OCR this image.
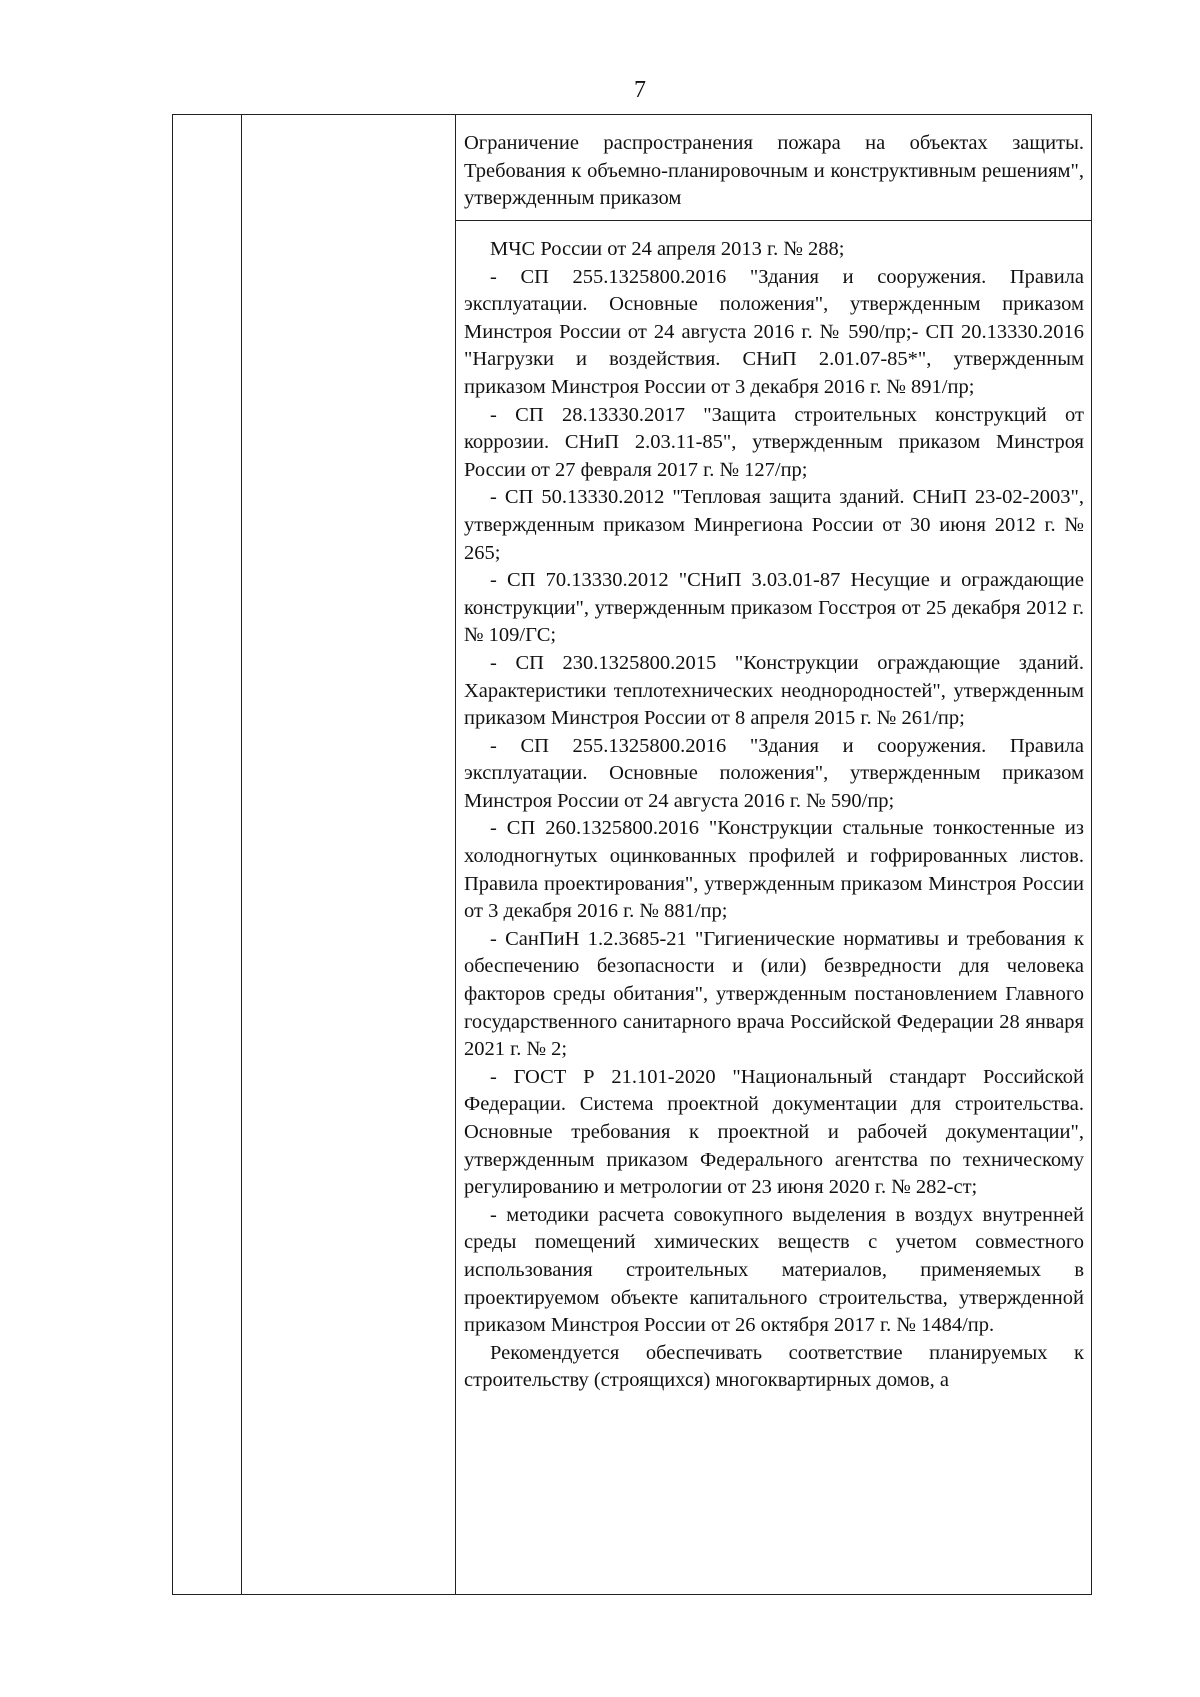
7

Ограничение распространения пожара на объектах защиты. Требования к объемно-планировочным и конструктивным решениям", утвержденным приказом

МЧС России от 24 апреля 2013 г. № 288;

- СП 255.1325800.2016 "Здания и сооружения. Правила эксплуатации. Основные положения", утвержденным приказом Минстроя России от 24 августа 2016 г. № 590/пр;- СП 20.13330.2016 "Нагрузки и воздействия. СНиП 2.01.07-85*", утвержденным приказом Минстроя России от 3 декабря 2016 г. № 891/пр;

- СП 28.13330.2017 "Защита строительных конструкций от коррозии. СНиП 2.03.11-85", утвержденным приказом Минстроя России от 27 февраля 2017 г. № 127/пр;

- СП 50.13330.2012 "Тепловая защита зданий. СНиП 23-02-2003", утвержденным приказом Минрегиона России от 30 июня 2012 г. № 265;

- СП 70.13330.2012 "СНиП 3.03.01-87 Несущие и ограждающие конструкции", утвержденным приказом Госстроя от 25 декабря 2012 г. № 109/ГС;

- СП 230.1325800.2015 "Конструкции ограждающие зданий. Характеристики теплотехнических неоднородностей", утвержденным приказом Минстроя России от 8 апреля 2015 г. № 261/пр;

- СП 255.1325800.2016 "Здания и сооружения. Правила эксплуатации. Основные положения", утвержденным приказом Минстроя России от 24 августа 2016 г. № 590/пр;

- СП 260.1325800.2016 "Конструкции стальные тонкостенные из холодногнутых оцинкованных профилей и гофрированных листов. Правила проектирования", утвержденным приказом Минстроя России от 3 декабря 2016 г. № 881/пр;

- СанПиН 1.2.3685-21 "Гигиенические нормативы и требования к обеспечению безопасности и (или) безвредности для человека факторов среды обитания", утвержденным постановлением Главного государственного санитарного врача Российской Федерации 28 января 2021 г. № 2;

- ГОСТ Р 21.101-2020 "Национальный стандарт Российской Федерации. Система проектной документации для строительства. Основные требования к проектной и рабочей документации", утвержденным приказом Федерального агентства по техническому регулированию и метрологии от 23 июня 2020 г. № 282-ст;

- методики расчета совокупного выделения в воздух внутренней среды помещений химических веществ с учетом совместного использования строительных материалов, применяемых в проектируемом объекте капитального строительства, утвержденной приказом Минстроя России от 26 октября 2017 г. № 1484/пр.

Рекомендуется обеспечивать соответствие планируемых к строительству (строящихся) многоквартирных домов, а
